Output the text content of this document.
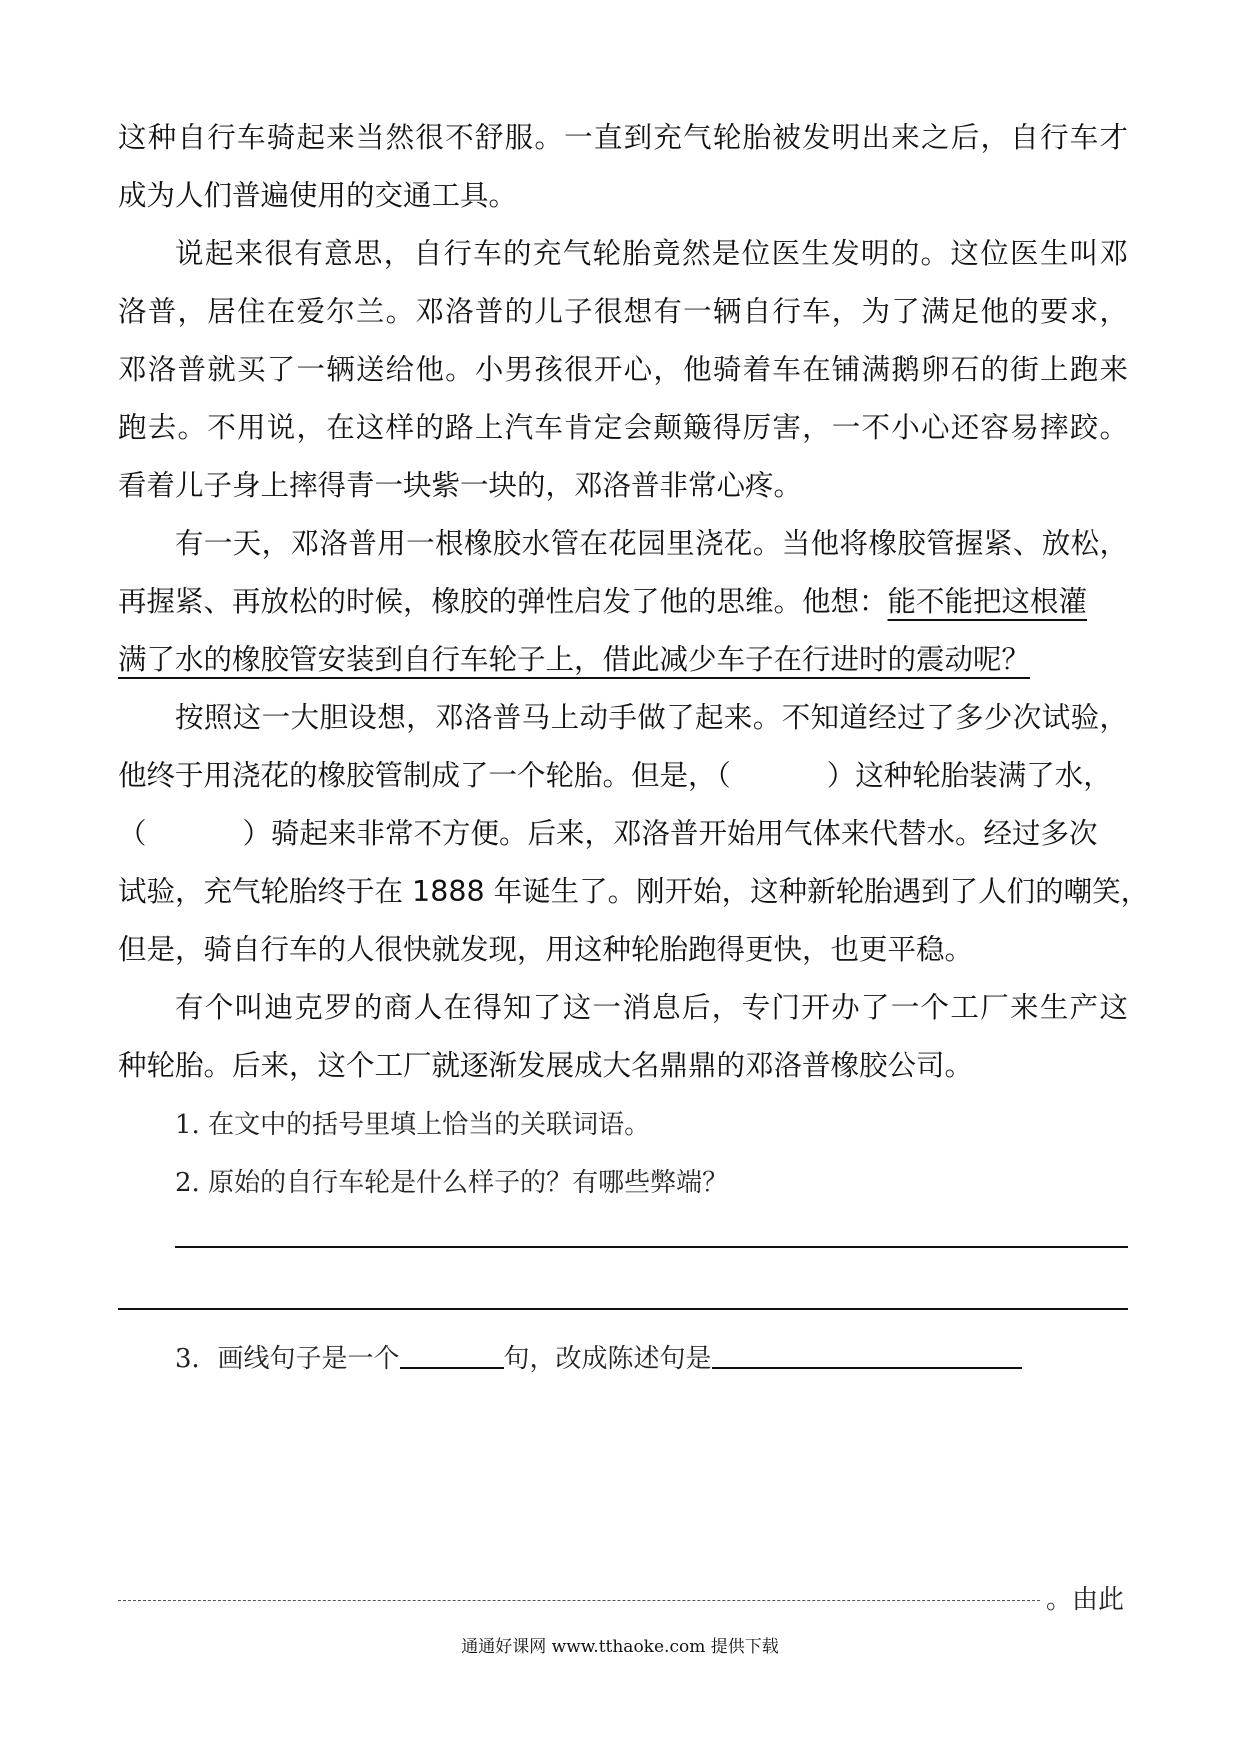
这种自行车骑起来当然很不舒服。一直到充气轮胎被发明出来之后，自行车才
成为人们普遍使用的交通工具。
说起来很有意思，自行车的充气轮胎竟然是位医生发明的。这位医生叫邓
洛普，居住在爱尔兰。邓洛普的儿子很想有一辆自行车，为了满足他的要求，
邓洛普就买了一辆送给他。小男孩很开心，他骑着车在铺满鹅卵石的街上跑来
跑去。不用说，在这样的路上汽车肯定会颠簸得厉害，一不小心还容易摔跤。
看着儿子身上摔得青一块紫一块的，邓洛普非常心疼。
有一天，邓洛普用一根橡胶水管在花园里浇花。当他将橡胶管握紧、放松，
再握紧、再放松的时候，橡胶的弹性启发了他的思维。他想：能不能把这根灌
满了水的橡胶管安装到自行车轮子上，借此减少车子在行进时的震动呢？
按照这一大胆设想，邓洛普马上动手做了起来。不知道经过了多少次试验，
他终于用浇花的橡胶管制成了一个轮胎。但是，（	）这种轮胎装满了水，
（	）骑起来非常不方便。后来，邓洛普开始用气体来代替水。经过多次
试验，充气轮胎终于在 1888 年诞生了。刚开始，这种新轮胎遇到了人们的嘲笑，
但是，骑自行车的人很快就发现，用这种轮胎跑得更快，也更平稳。
有个叫迪克罗的商人在得知了这一消息后，专门开办了一个工厂来生产这
种轮胎。后来，这个工厂就逐渐发展成大名鼎鼎的邓洛普橡胶公司。
1. 在文中的括号里填上恰当的关联词语。
2. 原始的自行车轮是什么样子的？有哪些弊端？
3．画线句子是一个	句，改成陈述句是
。由此
通通好课网 www.tthaoke.com 提供下载
